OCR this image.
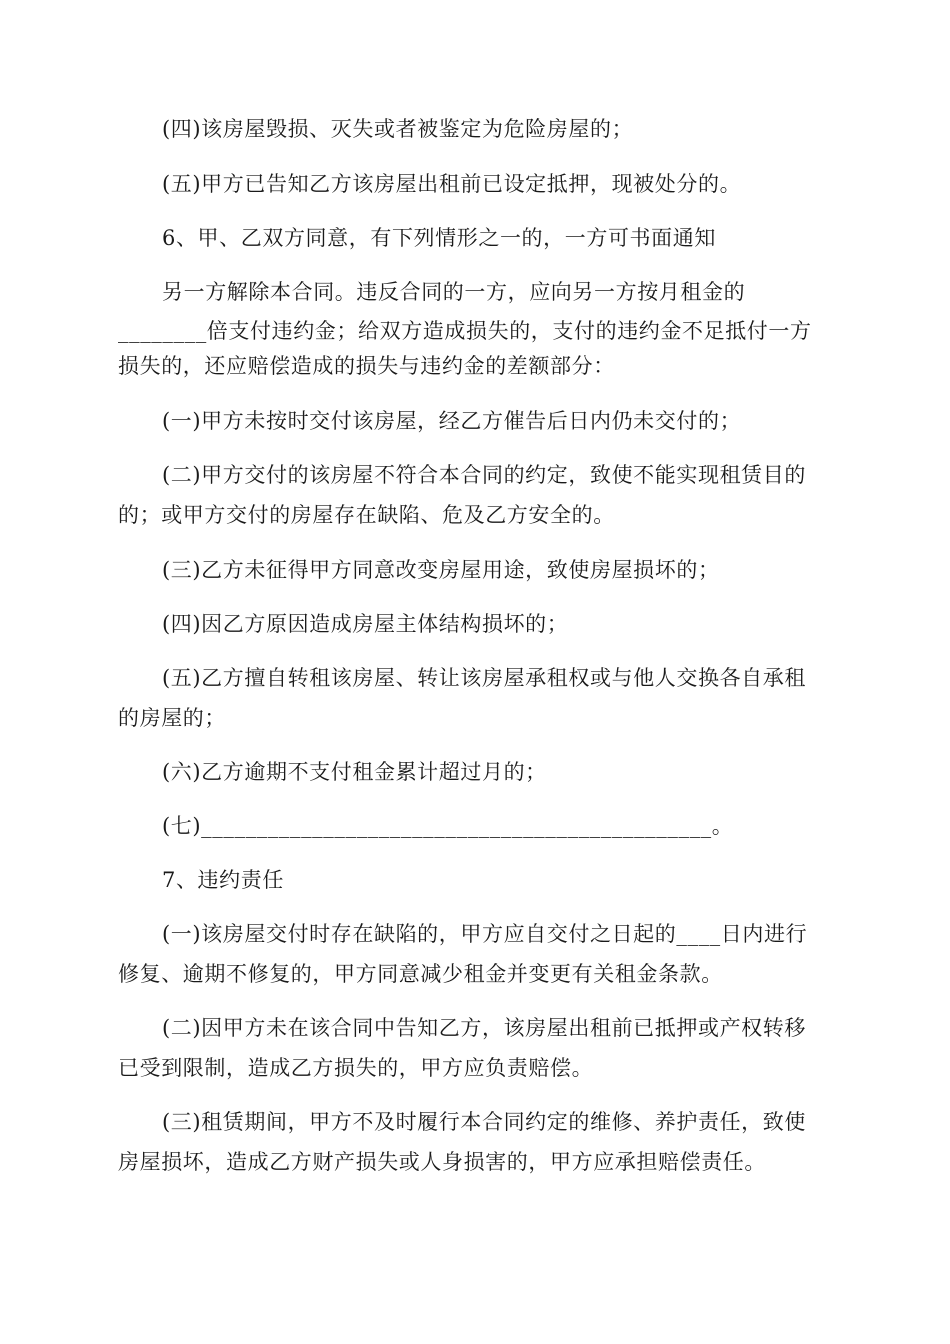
(四)该房屋毁损、灭失或者被鉴定为危险房屋的；
(五)甲方已告知乙方该房屋出租前已设定抵押，现被处分的。
6、甲、乙双方同意，有下列情形之一的，一方可书面通知
另一方解除本合同。违反合同的一方，应向另一方按月租金的
________倍支付违约金；给双方造成损失的，支付的违约金不足抵付一方
损失的，还应赔偿造成的损失与违约金的差额部分：
(一)甲方未按时交付该房屋，经乙方催告后日内仍未交付的；
(二)甲方交付的该房屋不符合本合同的约定，致使不能实现租赁目的
的；或甲方交付的房屋存在缺陷、危及乙方安全的。
(三)乙方未征得甲方同意改变房屋用途，致使房屋损坏的；
(四)因乙方原因造成房屋主体结构损坏的；
(五)乙方擅自转租该房屋、转让该房屋承租权或与他人交换各自承租
的房屋的；
(六)乙方逾期不支付租金累计超过月的；
(七)______________________________________________。
7、违约责任
(一)该房屋交付时存在缺陷的，甲方应自交付之日起的____日内进行
修复、逾期不修复的，甲方同意减少租金并变更有关租金条款。
(二)因甲方未在该合同中告知乙方，该房屋出租前已抵押或产权转移
已受到限制，造成乙方损失的，甲方应负责赔偿。
(三)租赁期间，甲方不及时履行本合同约定的维修、养护责任，致使
房屋损坏，造成乙方财产损失或人身损害的，甲方应承担赔偿责任。
